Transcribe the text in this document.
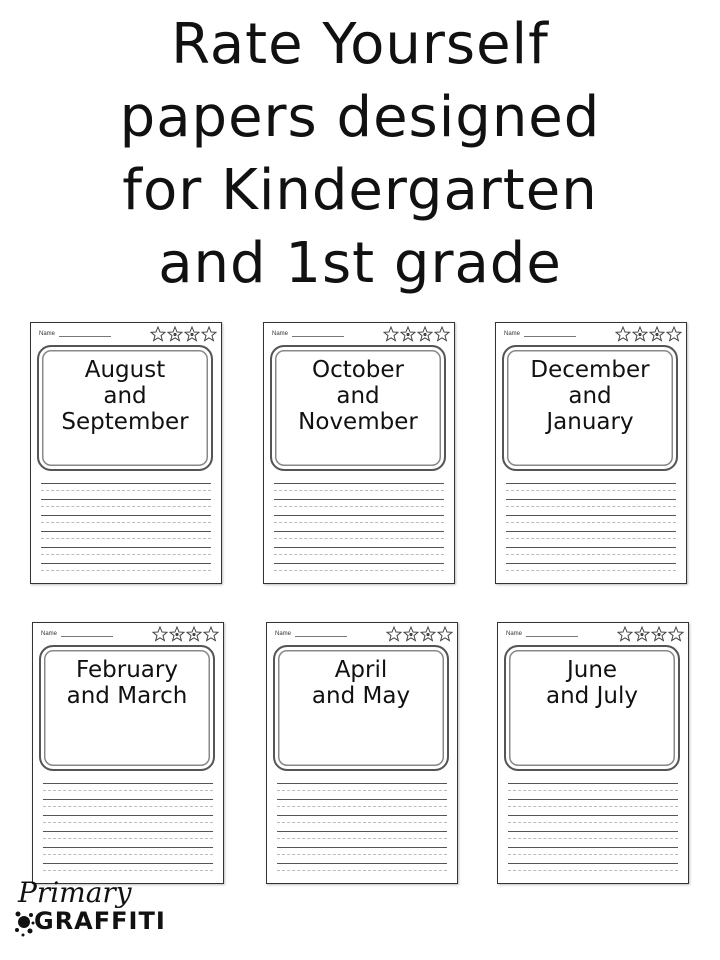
Rate Yourself
papers designed
for Kindergarten
and 1st grade
Name
August
and
September
Name
October
and
November
Name
December
and
January
Name
February
and March
Name
April
and May
Name
June
and July
Primary
GRAFFITI
